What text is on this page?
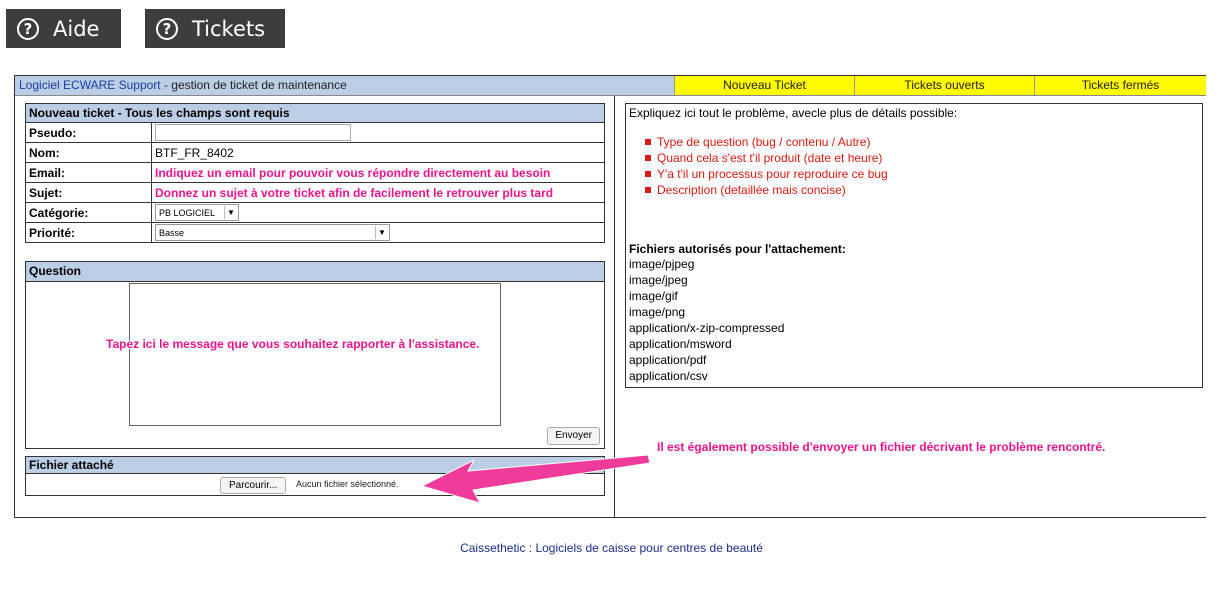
? Aide	? Tickets
Logiciel ECWARE Support - gestion de ticket de maintenance	Nouveau Ticket	Tickets ouverts	Tickets fermés
Nouveau ticket - Tous les champs sont requis	
Pseudo:	
Nom:	BTF_FR_8402
Email:	Indiquez un email pour pouvoir vous répondre directement au besoin
Sujet:	Donnez un sujet à votre ticket afin de facilement le retrouver plus tard
Catégorie:	PB LOGICIEL ▼

Priorité:	Basse ▼
Question
Tapez ici le message que vous souhaitez rapporter à l'assistance.
Envoyer
Fichier attaché
Parcourir...	Aucun fichier sélectionné.
Expliquez ici tout le problème, avecle plus de détails possible:
Type de question (bug / contenu / Autre)
Quand cela s'est t'il produit (date et heure)
Y'a t'il un processus pour reproduire ce bug
Description (detaillée mais concise)
Fichiers autorisés pour l'attachement:
image/pjpeg
image/jpeg
image/gif
image/png
application/x-zip-compressed
application/msword
application/pdf
application/csv
Il est également possible d'envoyer un fichier décrivant le problème rencontré.
Caissethetic : Logiciels de caisse pour centres de beauté
